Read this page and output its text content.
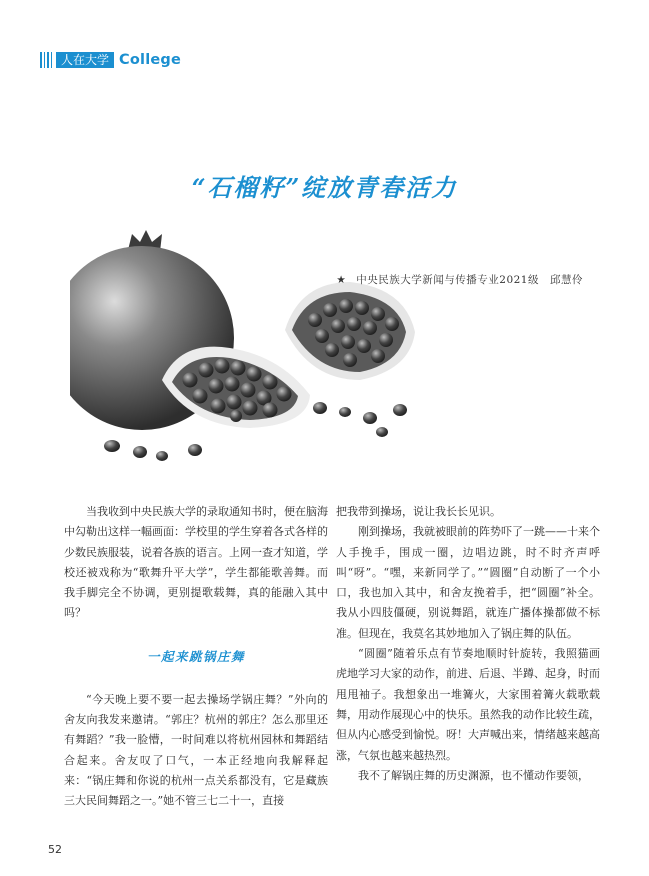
人在大学 College
“石榴籽”绽放青春活力
★ 中央民族大学新闻与传播专业2021级　邱慧伶

当我收到中央民族大学的录取通知书时，便在脑海中勾勒出这样一幅画面：学校里的学生穿着各式各样的少数民族服装，说着各族的语言。上网一查才知道，学校还被戏称为“歌舞升平大学”，学生都能歌善舞。而我手脚完全不协调，更别提歌载舞，真的能融入其中吗？

一起来跳锅庄舞

“今天晚上要不要一起去操场学锅庄舞？”外向的舍友向我发来邀请。“郭庄？杭州的郭庄？怎么那里还有舞蹈？”我一脸懵，一时间难以将杭州园林和舞蹈结合起来。舍友叹了口气，一本正经地向我解释起来：“锅庄舞和你说的杭州一点关系都没有，它是藏族三大民间舞蹈之一。”她不管三七二十一，直接

把我带到操场，说让我长长见识。

刚到操场，我就被眼前的阵势吓了一跳——十来个人手挽手，围成一圈，边唱边跳，时不时齐声呼叫“呀”。“嘿，来新同学了。”“圆圈”自动断了一个小口，我也加入其中，和舍友挽着手，把“圆圈”补全。我从小四肢僵硬，别说舞蹈，就连广播体操都做不标准。但现在，我莫名其妙地加入了锅庄舞的队伍。

“圆圈”随着乐点有节奏地顺时针旋转，我照猫画虎地学习大家的动作，前进、后退、半蹲、起身，时而甩甩袖子。我想象出一堆篝火，大家围着篝火载歌载舞，用动作展现心中的快乐。虽然我的动作比较生疏，但从内心感受到愉悦。呀！大声喊出来，情绪越来越高涨，气氛也越来越热烈。

我不了解锅庄舞的历史渊源，也不懂动作要领，

52
